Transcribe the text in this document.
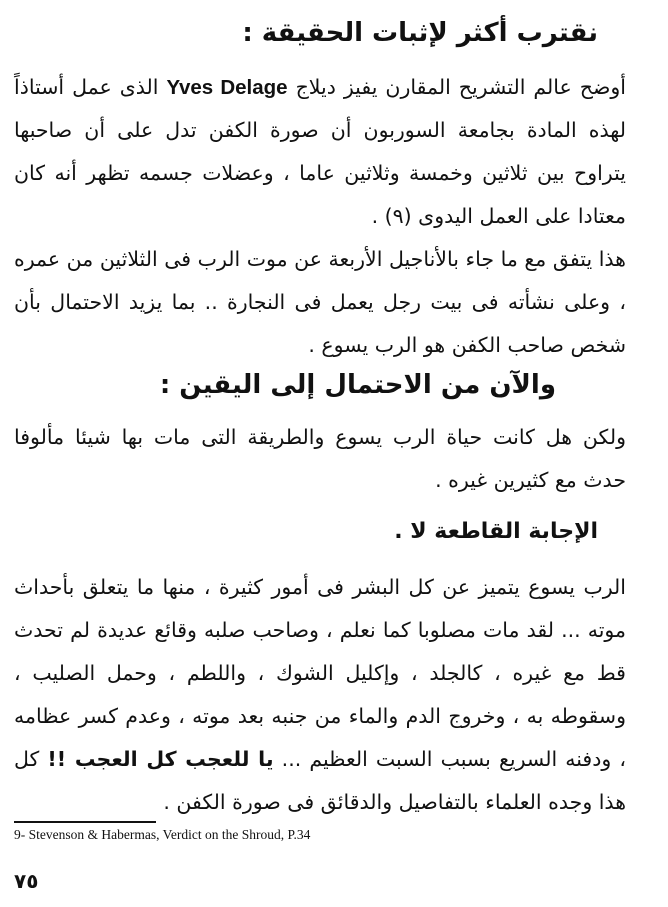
نقترب أكثر لإثبات الحقيقة :
أوضح عالم التشريح المقارن يفيز ديلاج Yves Delage الذى عمل أستاذاً لهذه المادة بجامعة السوربون أن صورة الكفن تدل على أن صاحبها يتراوح بين ثلاثين وخمسة وثلاثين عاما ، وعضلات جسمه تظهر أنه كان معتادا على العمل اليدوى (٩) .
هذا يتفق مع ما جاء بالأناجيل الأربعة عن موت الرب فى الثلاثين من عمره ، وعلى نشأته فى بيت رجل يعمل فى النجارة .. بما يزيد الاحتمال بأن شخص صاحب الكفن هو الرب يسوع .
والآن من الاحتمال إلى اليقين :
ولكن هل كانت حياة الرب يسوع والطريقة التى مات بها شيئا مألوفا حدث مع كثيرين غيره .
الإجابة القاطعة لا .
الرب يسوع يتميز عن كل البشر فى أمور كثيرة ، منها ما يتعلق بأحداث موته ... لقد مات مصلوبا كما نعلم ، وصاحب صلبه وقائع عديدة لم تحدث قط مع غيره ، كالجلد ، وإكليل الشوك ، واللطم ، وحمل الصليب ، وسقوطه به ، وخروج الدم والماء من جنبه بعد موته ، وعدم كسر عظامه ، ودفنه السريع بسبب السبت العظيم ... يا للعجب كل العجب !! كل هذا وجده العلماء بالتفاصيل والدقائق فى صورة الكفن .
9- Stevenson & Habermas, Verdict on the Shroud, P.34
٧٥
